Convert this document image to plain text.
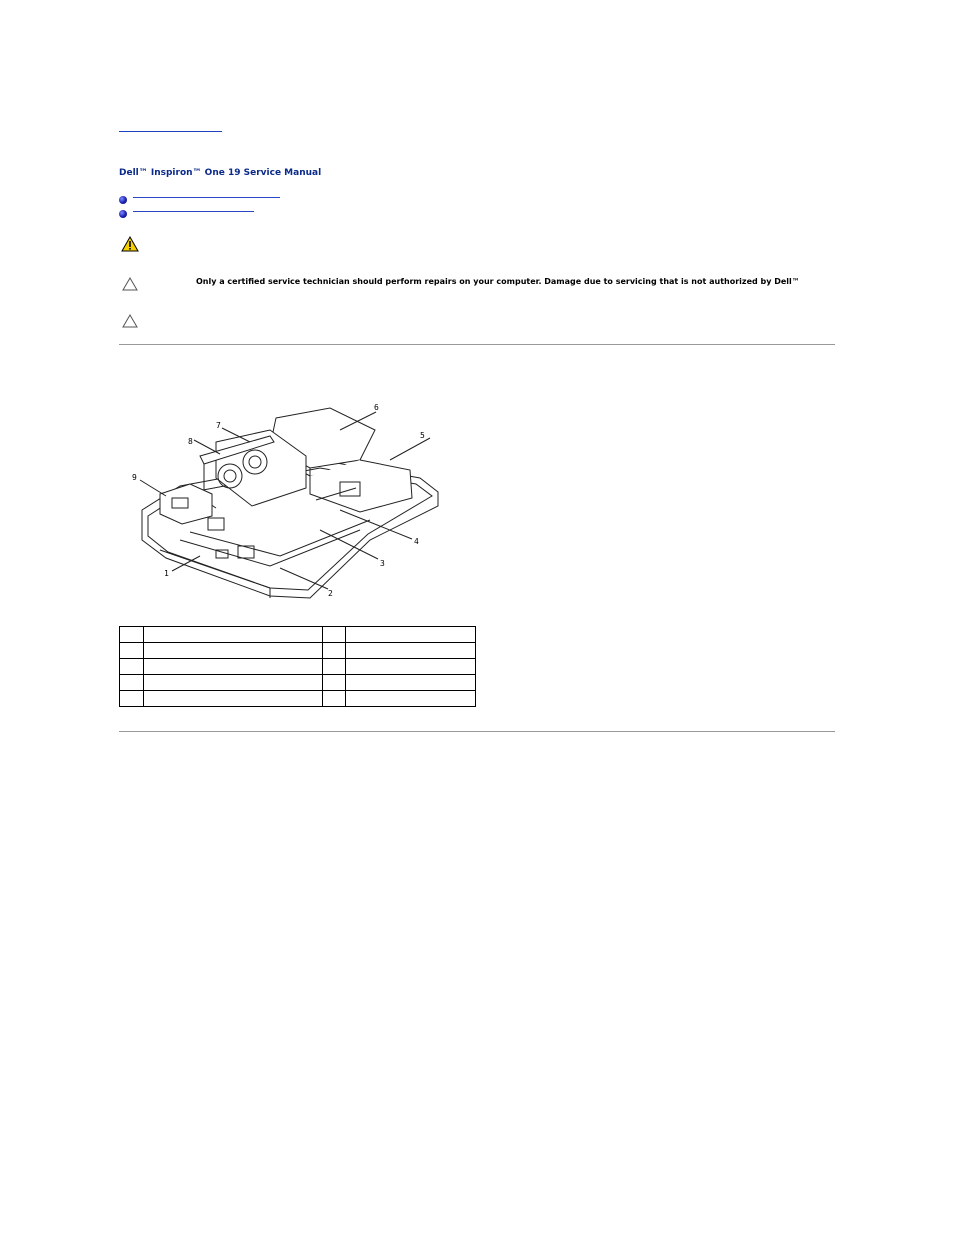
Dell™ Inspiron™ One 19 Service Manual
Only a certified service technician should perform repairs on your computer. Damage due to servicing that is not authorized by Dell™
1
2
3
4
5
6
7
8
9
